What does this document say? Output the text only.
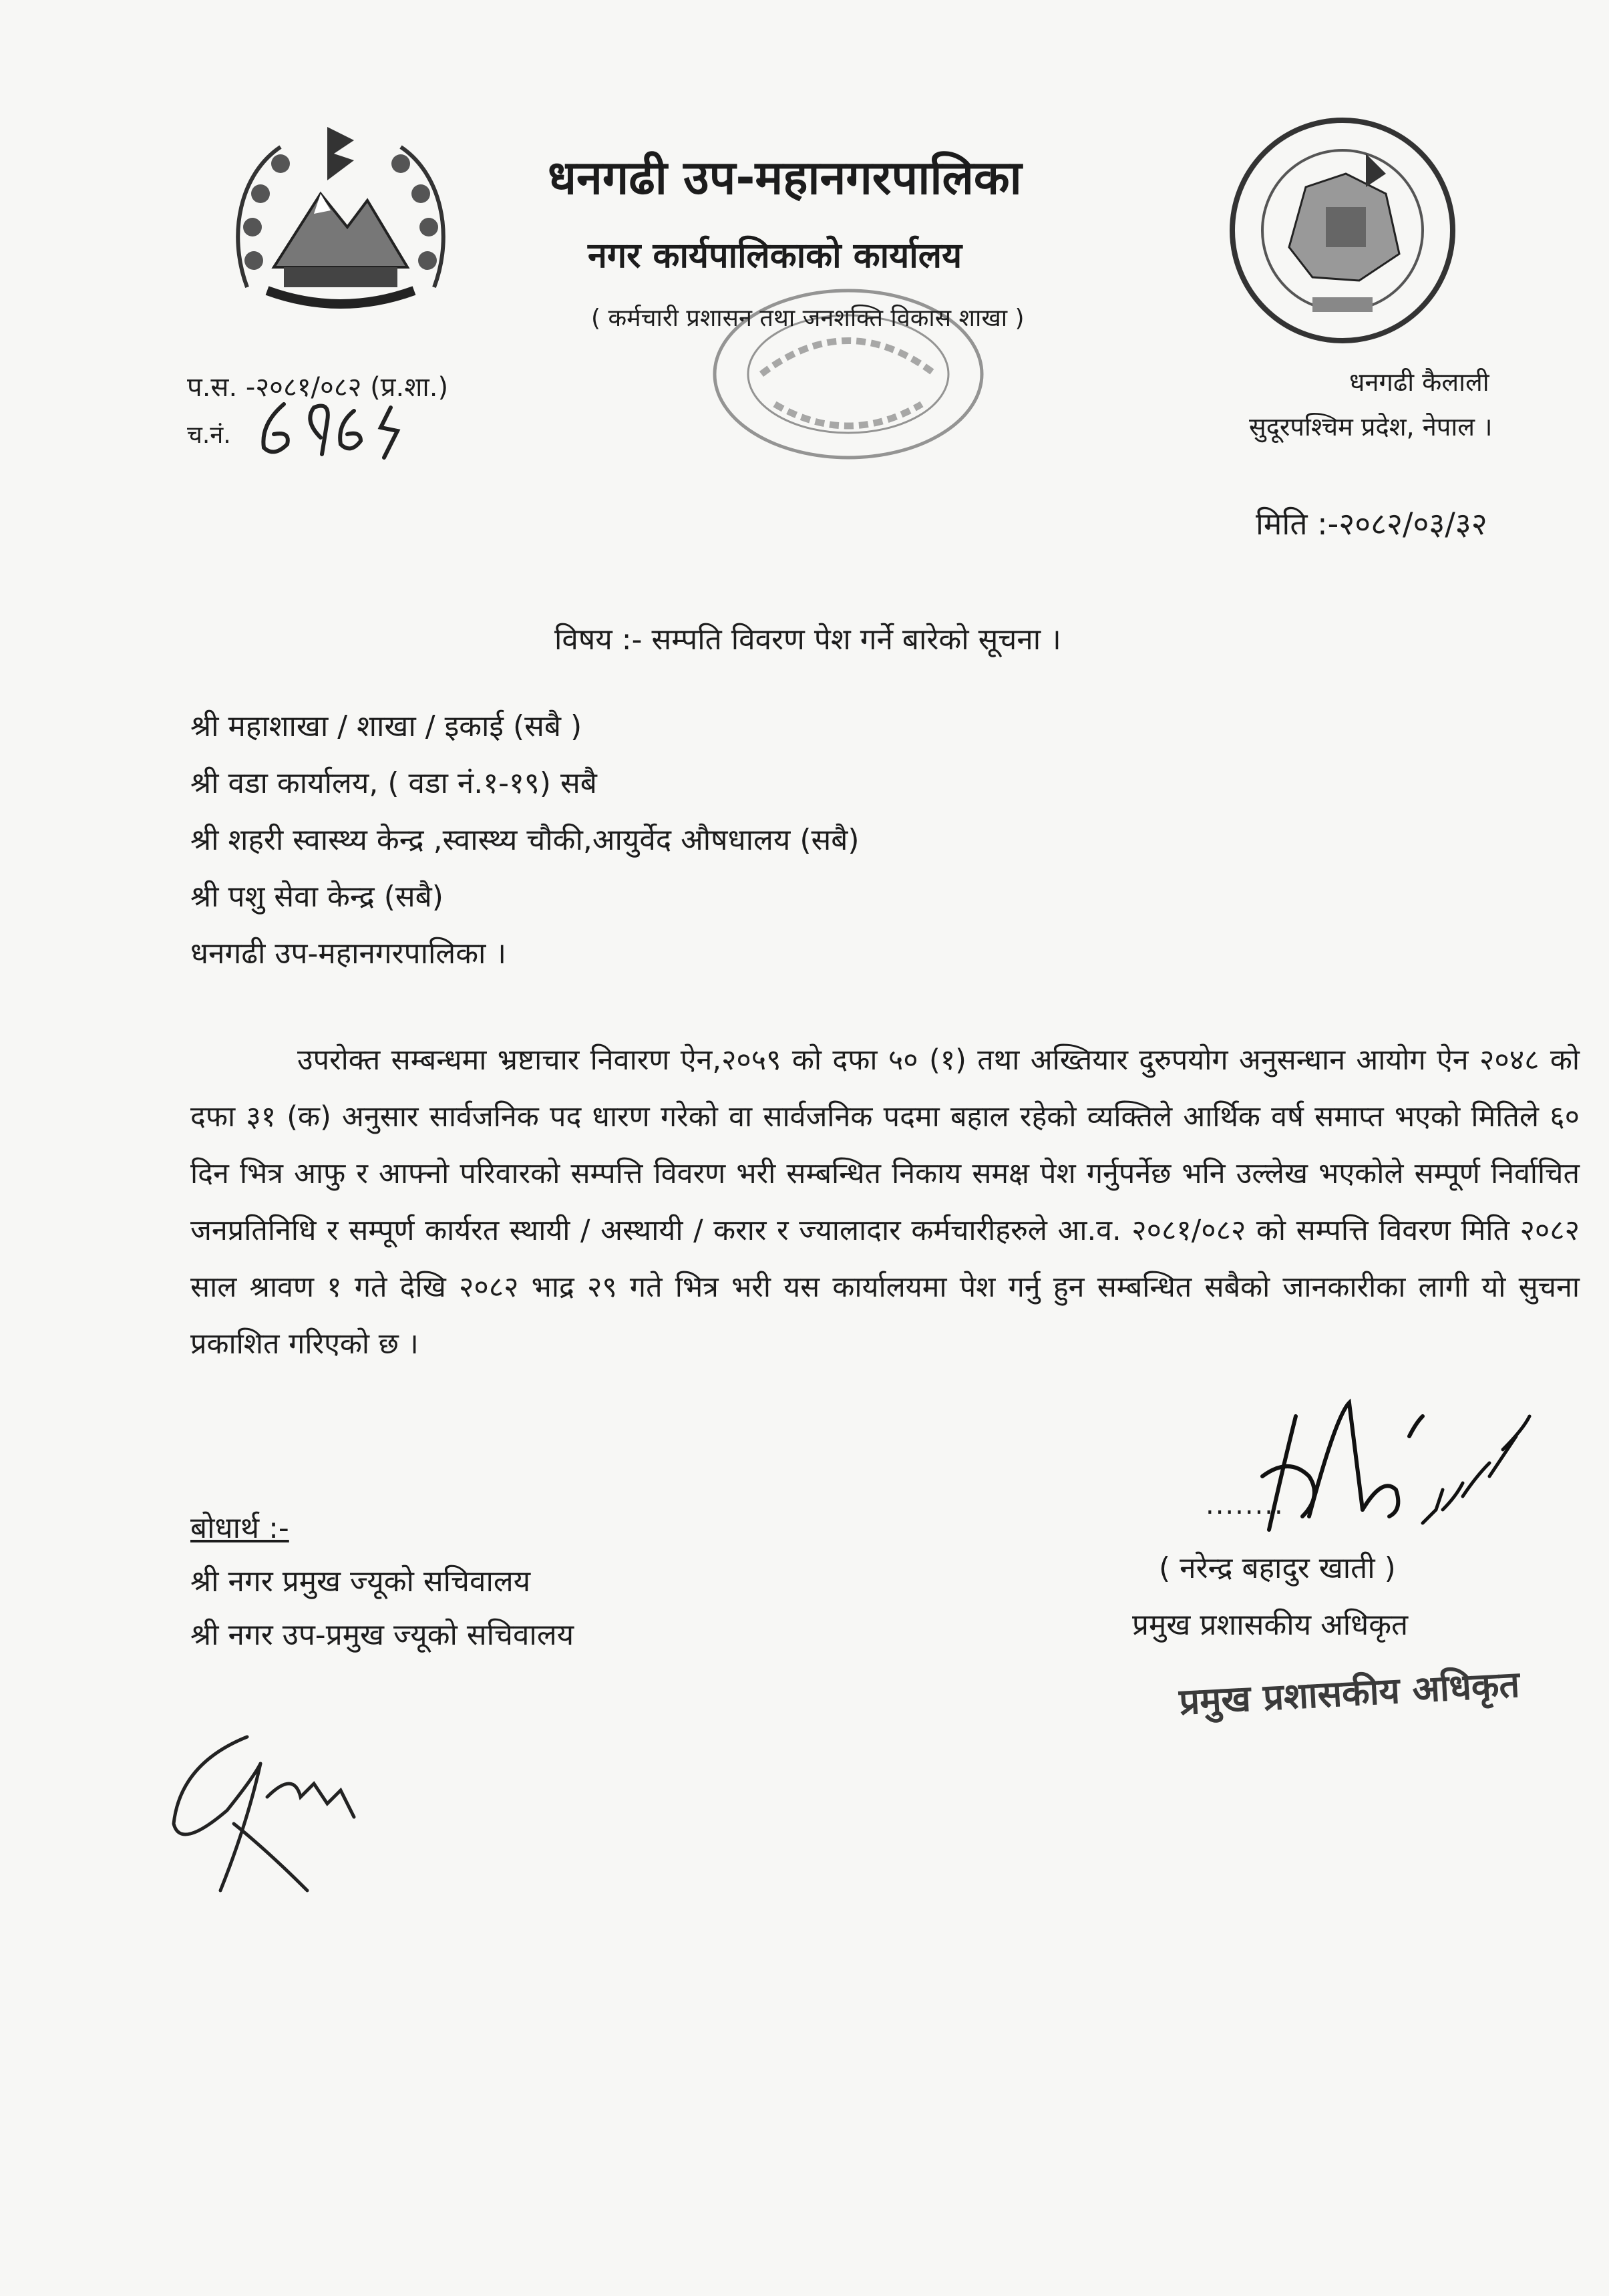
धनगढी उप-महानगरपालिका
नगर कार्यपालिकाको कार्यालय
( कर्मचारी प्रशासन तथा जनशक्ति विकास शाखा )
प.स. -२०८१/०८२ (प्र.शा.)
च.नं.
धनगढी कैलाली
सुदूरपश्चिम प्रदेश, नेपाल ।
मिति :-२०८२/०३/३२
विषय :- सम्पति विवरण पेश गर्ने बारेको सूचना ।
श्री महाशाखा / शाखा / इकाई (सबै )
श्री वडा कार्यालय, ( वडा नं.१-१९) सबै
श्री शहरी स्वास्थ्य केन्द्र ,स्वास्थ्य चौकी,आयुर्वेद औषधालय (सबै)
श्री पशु सेवा केन्द्र (सबै)
धनगढी उप-महानगरपालिका ।
उपरोक्त सम्बन्धमा भ्रष्टाचार निवारण ऐन,२०५९ को दफा ५० (१) तथा अख्तियार दुरुपयोग अनुसन्धान आयोग ऐन २०४८ को दफा ३१ (क) अनुसार सार्वजनिक पद धारण गरेको वा सार्वजनिक पदमा बहाल रहेको व्यक्तिले आर्थिक वर्ष समाप्त भएको मितिले ६० दिन भित्र आफु र आफ्नो परिवारको सम्पत्ति विवरण भरी सम्बन्धित निकाय समक्ष पेश गर्नुपर्नेछ भनि उल्लेख भएकोले सम्पूर्ण निर्वाचित जनप्रतिनिधि र सम्पूर्ण कार्यरत स्थायी / अस्थायी / करार र ज्यालादार कर्मचारीहरुले आ.व. २०८१/०८२ को सम्पत्ति विवरण मिति २०८२ साल श्रावण १ गते देखि २०८२ भाद्र २९ गते भित्र भरी यस कार्यालयमा पेश गर्नु हुन सम्बन्धित सबैको जानकारीका लागी यो सुचना प्रकाशित गरिएको छ ।
बोधार्थ :-
श्री नगर प्रमुख ज्यूको सचिवालय
श्री नगर उप-प्रमुख ज्यूको सचिवालय
........
( नरेन्द्र बहादुर खाती )
प्रमुख प्रशासकीय अधिकृत
प्रमुख प्रशासकीय अधिकृत
